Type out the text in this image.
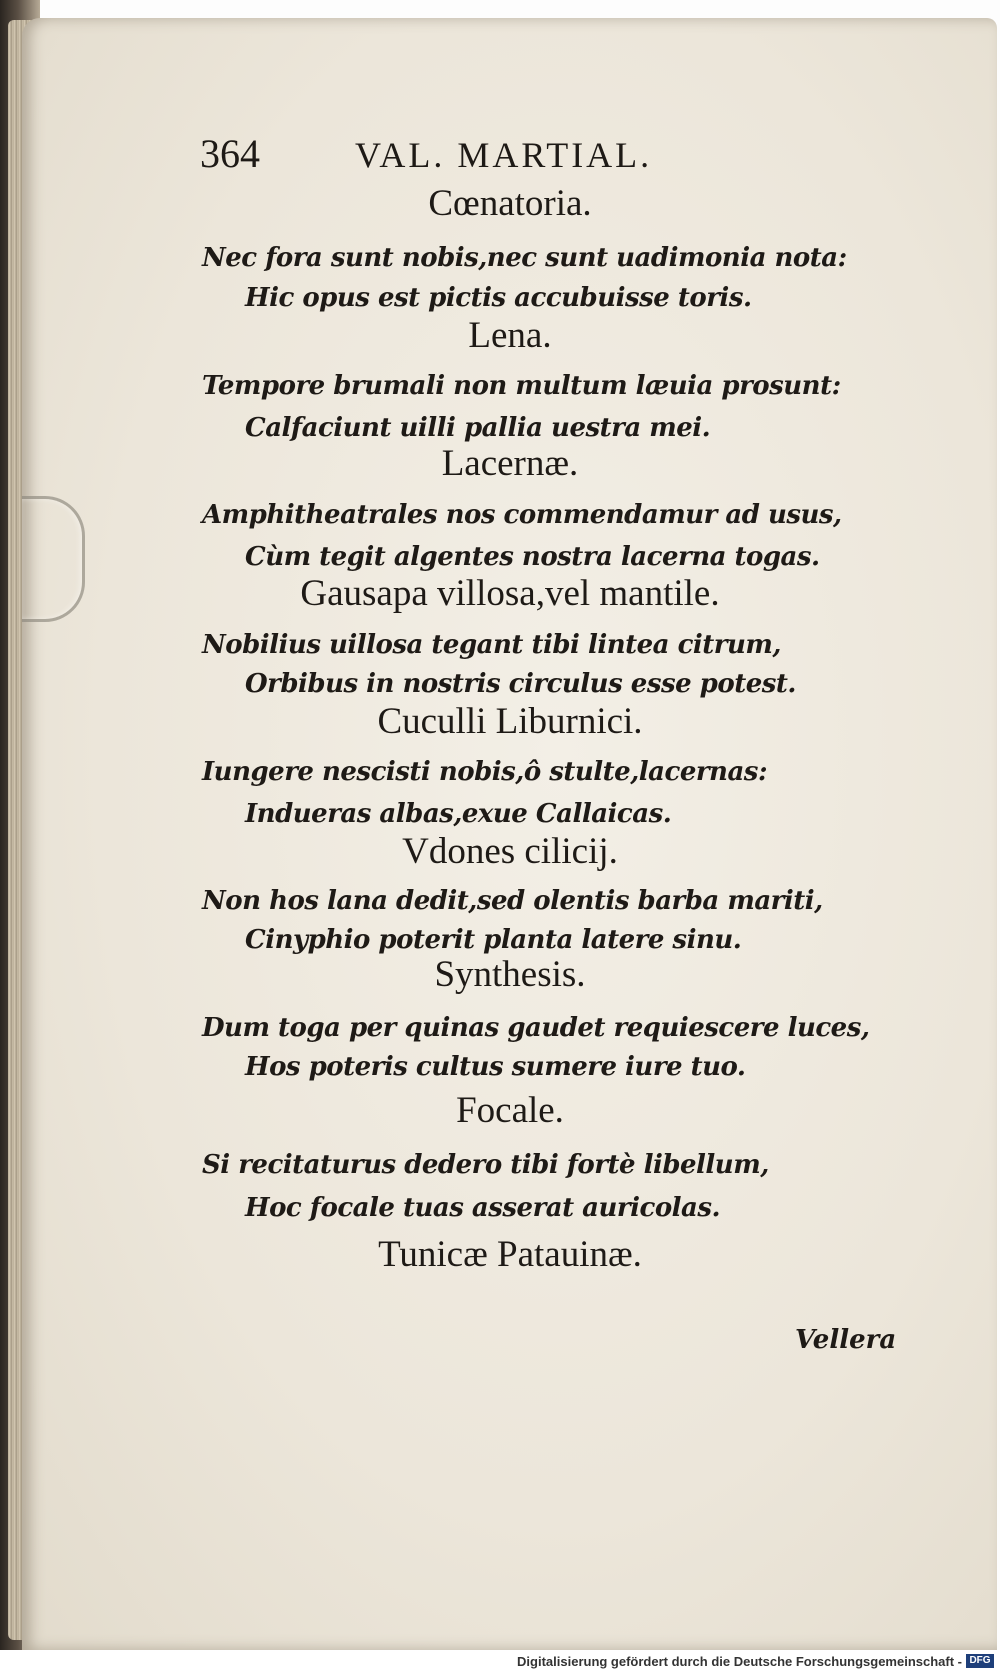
364	VAL. MARTIAL.
Cœnatoria.
Nec fora sunt nobis,nec sunt uadimonia nota:
Hic opus est pictis accubuisse toris.
Lena.
Tempore brumali non multum læuia prosunt:
Calfaciunt uilli pallia uestra mei.
Lacernæ.
Amphitheatrales nos commendamur ad usus,
Cùm tegit algentes nostra lacerna togas.
Gausapa villosa,vel mantile.
Nobilius uillosa tegant tibi lintea citrum,
Orbibus in nostris circulus esse potest.
Cuculli Liburnici.
Iungere nescisti nobis,ô stulte,lacernas:
Indueras albas,exue Callaicas.
Vdones cilicij.
Non hos lana dedit,sed olentis barba mariti,
Cinyphio poterit planta latere sinu.
Synthesis.
Dum toga per quinas gaudet requiescere luces,
Hos poteris cultus sumere iure tuo.
Focale.
Si recitaturus dedero tibi fortè libellum,
Hoc focale tuas asserat auricolas.
Tunicæ Patauinæ.
Vellera
Digitalisierung gefördert durch die Deutsche Forschungsgemeinschaft - DFG
